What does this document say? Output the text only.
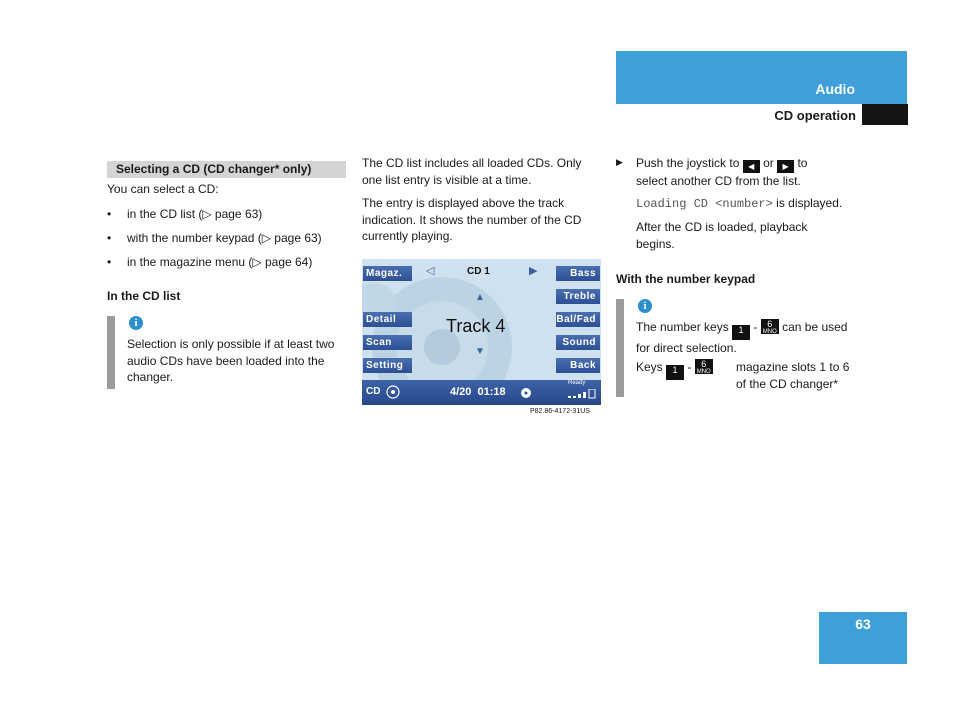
Audio
CD operation
Selecting a CD (CD changer* only)
You can select a CD:
• in the CD list (▷ page 63)
• with the number keypad (▷ page 63)
• in the magazine menu (▷ page 64)
In the CD list
i
Selection is only possible if at least two
audio CDs have been loaded into the
changer.
The CD list includes all loaded CDs. Only
one list entry is visible at a time.
The entry is displayed above the track
indication. It shows the number of the CD
currently playing.
Magaz.
Detail
Scan
Setting
Bass
Treble
Bal/Fad
Sound
Back
◁	CD 1	▶
▲
Track 4
▼
CD	4/20  01:18
Ready
P82.86-4172-31US
▶ Push the joystick to ◀ or ▶ to
select another CD from the list.
Loading CD <number> is displayed.
After the CD is loaded, playback
begins.
With the number keypad
i
The number keys	1 -	6
MNO can be used
for direct selection.
Keys	1 -	6
MNO magazine slots 1 to 6
of the CD changer*
63
